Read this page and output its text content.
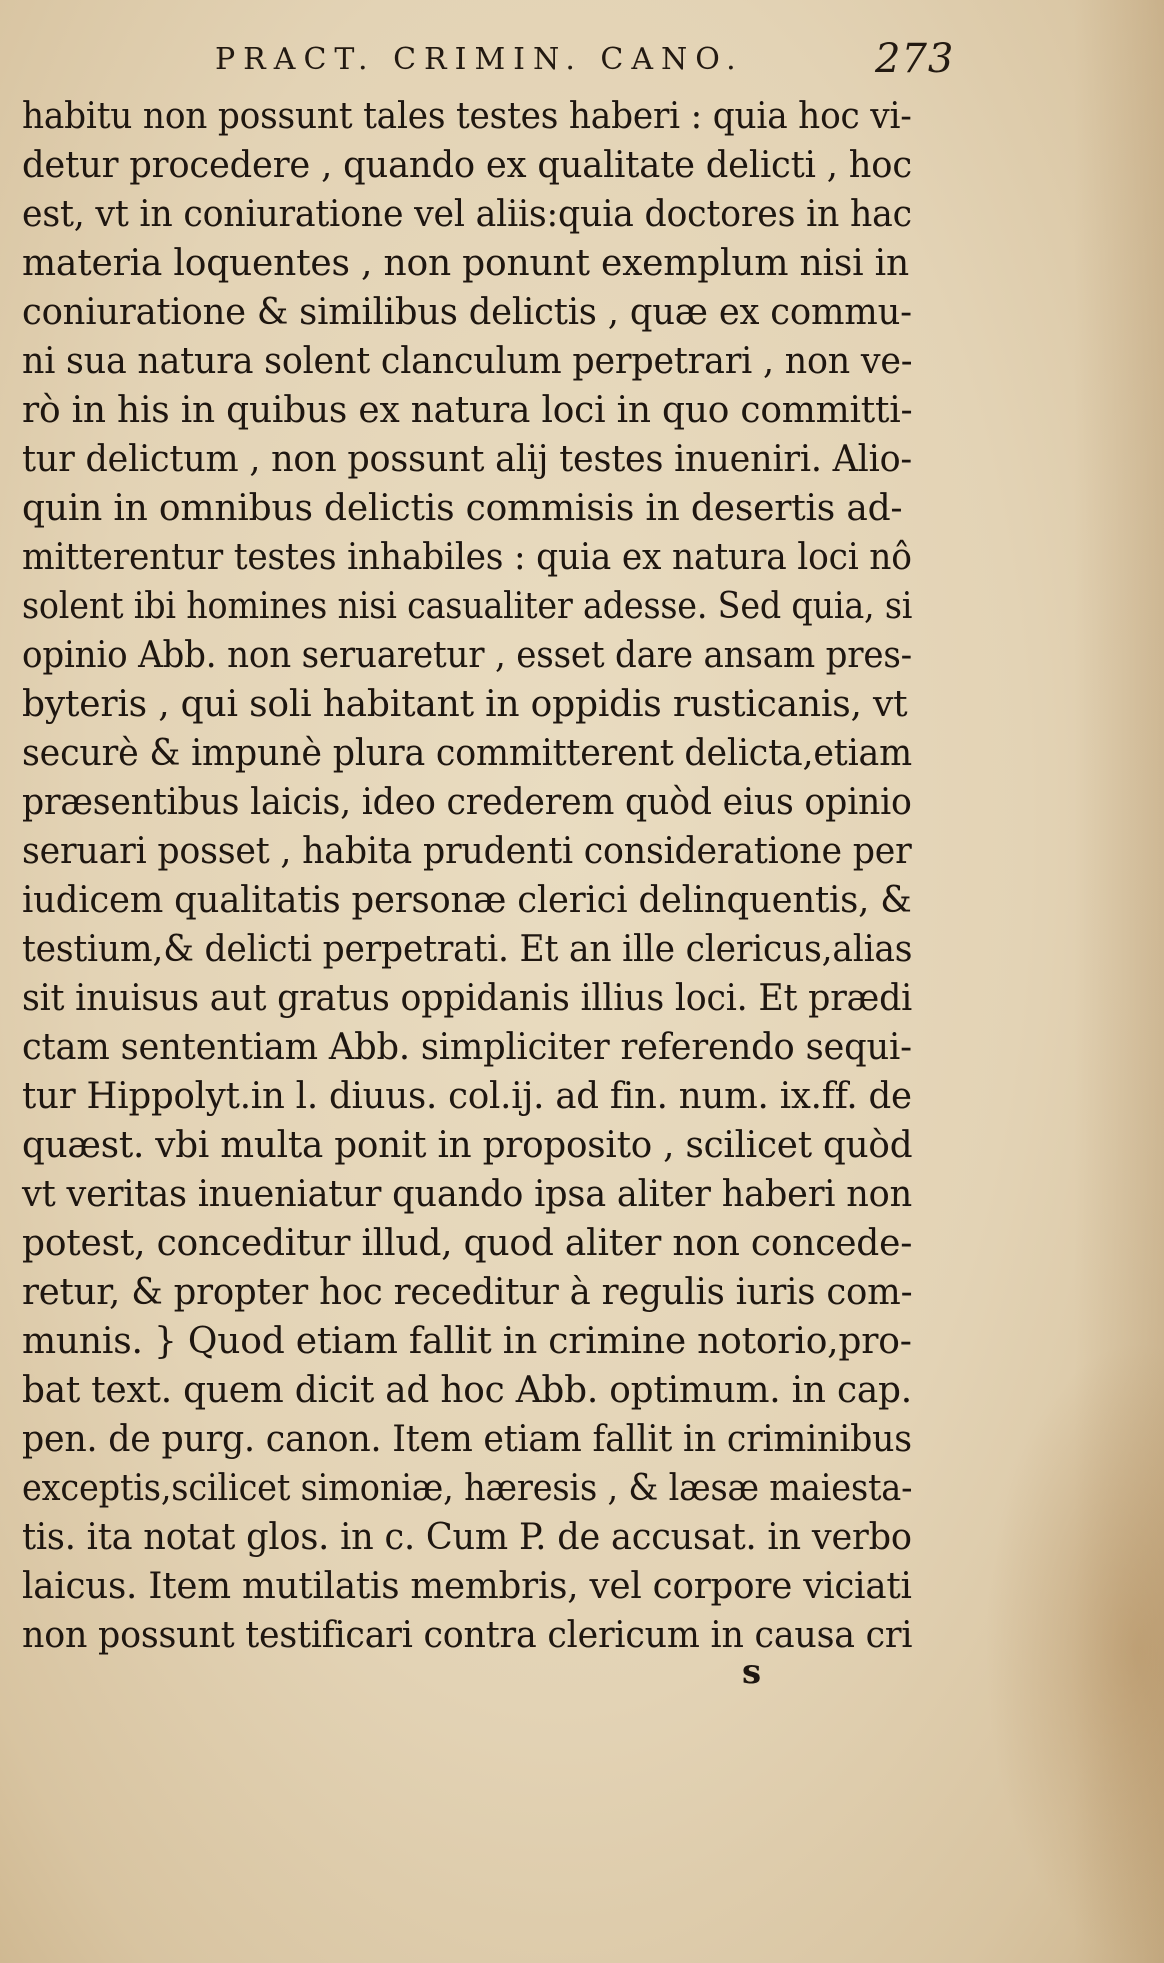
PRACT. CRIMIN. CANO.	273
habitu non possunt tales testes haberi : quia hoc vi-
detur procedere , quando ex qualitate delicti , hoc
est, vt in coniuratione vel aliis:quia doctores in hac
materia loquentes , non ponunt exemplum nisi in
coniuratione & similibus delictis , quæ ex commu-
ni sua natura solent clanculum perpetrari , non ve-
rò in his in quibus ex natura loci in quo committi-
tur delictum , non possunt alij testes inueniri. Alio-
quin in omnibus delictis commisis in desertis ad-
mitterentur testes inhabiles : quia ex natura loci nô
solent ibi homines nisi casualiter adesse. Sed quia, si
opinio Abb. non seruaretur , esset dare ansam pres-
byteris , qui soli habitant in oppidis rusticanis, vt
securè & impunè plura committerent delicta,etiam
præsentibus laicis, ideo crederem quòd eius opinio
seruari posset , habita prudenti consideratione per
iudicem qualitatis personæ clerici delinquentis, &
testium,& delicti perpetrati. Et an ille clericus,alias
sit inuisus aut gratus oppidanis illius loci. Et prædi
ctam sententiam Abb. simpliciter referendo sequi-
tur Hippolyt.in l. diuus. col.ij. ad fin. num. ix.ff. de
quæst. vbi multa ponit in proposito , scilicet quòd
vt veritas inueniatur quando ipsa aliter haberi non
potest, conceditur illud, quod aliter non concede-
retur, & propter hoc receditur à regulis iuris com-
munis. } Quod etiam fallit in crimine notorio,pro-
bat text. quem dicit ad hoc Abb. optimum. in cap.
pen. de purg. canon. Item etiam fallit in criminibus
exceptis,scilicet simoniæ, hæresis , & læsæ maiesta-
tis. ita notat glos. in c. Cum P. de accusat. in verbo
laicus. Item mutilatis membris, vel corpore viciati
non possunt testificari contra clericum in causa cri
s
